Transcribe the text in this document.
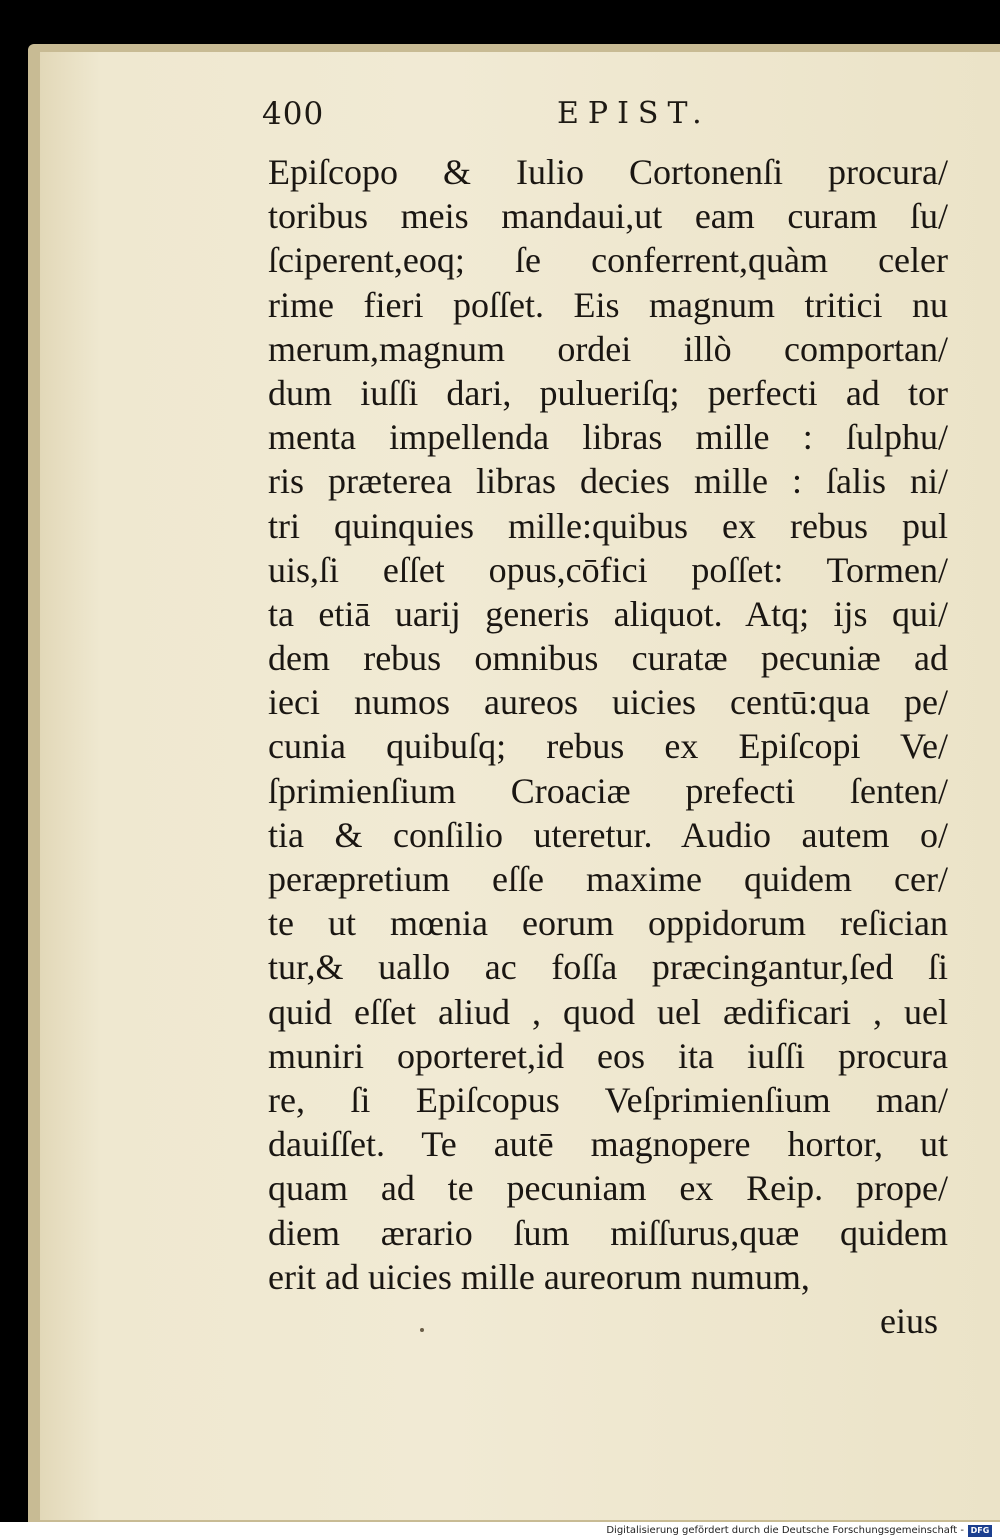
400	EPIST.
Epiſcopo & Iulio Cortonenſi procura/
toribus meis mandaui,ut eam curam ſu/
ſciperent,eoq; ſe conferrent,quàm celer
rime fieri poſſet. Eis magnum tritici nu
merum,magnum ordei illò comportan/
dum iuſſi dari, pulueriſq; perfecti ad tor
menta impellenda libras mille : ſulphu/
ris præterea libras decies mille : ſalis ni/
tri quinquies mille:quibus ex rebus pul
uis,ſi eſſet opus,cōfici poſſet: Tormen/
ta etiā uarij generis aliquot. Atq; ijs qui/
dem rebus omnibus curatæ pecuniæ ad
ieci numos aureos uicies centū:qua pe/
cunia quibuſq; rebus ex Epiſcopi Ve/
ſprimienſium Croaciæ prefecti ſenten/
tia & conſilio uteretur. Audio autem o/
peræpretium eſſe maxime quidem cer/
te ut mœnia eorum oppidorum reſician
tur,& uallo ac foſſa præcingantur,ſed ſi
quid eſſet aliud , quod uel ædificari , uel
muniri oporteret,id eos ita iuſſi procura
re, ſi Epiſcopus Veſprimienſium man/
dauiſſet. Te autē magnopere hortor, ut
quam ad te pecuniam ex Reip. prope/
diem ærario ſum miſſurus,quæ quidem
erit ad uicies mille aureorum numum,
eius
Digitalisierung gefördert durch die Deutsche Forschungsgemeinschaft - DFG
